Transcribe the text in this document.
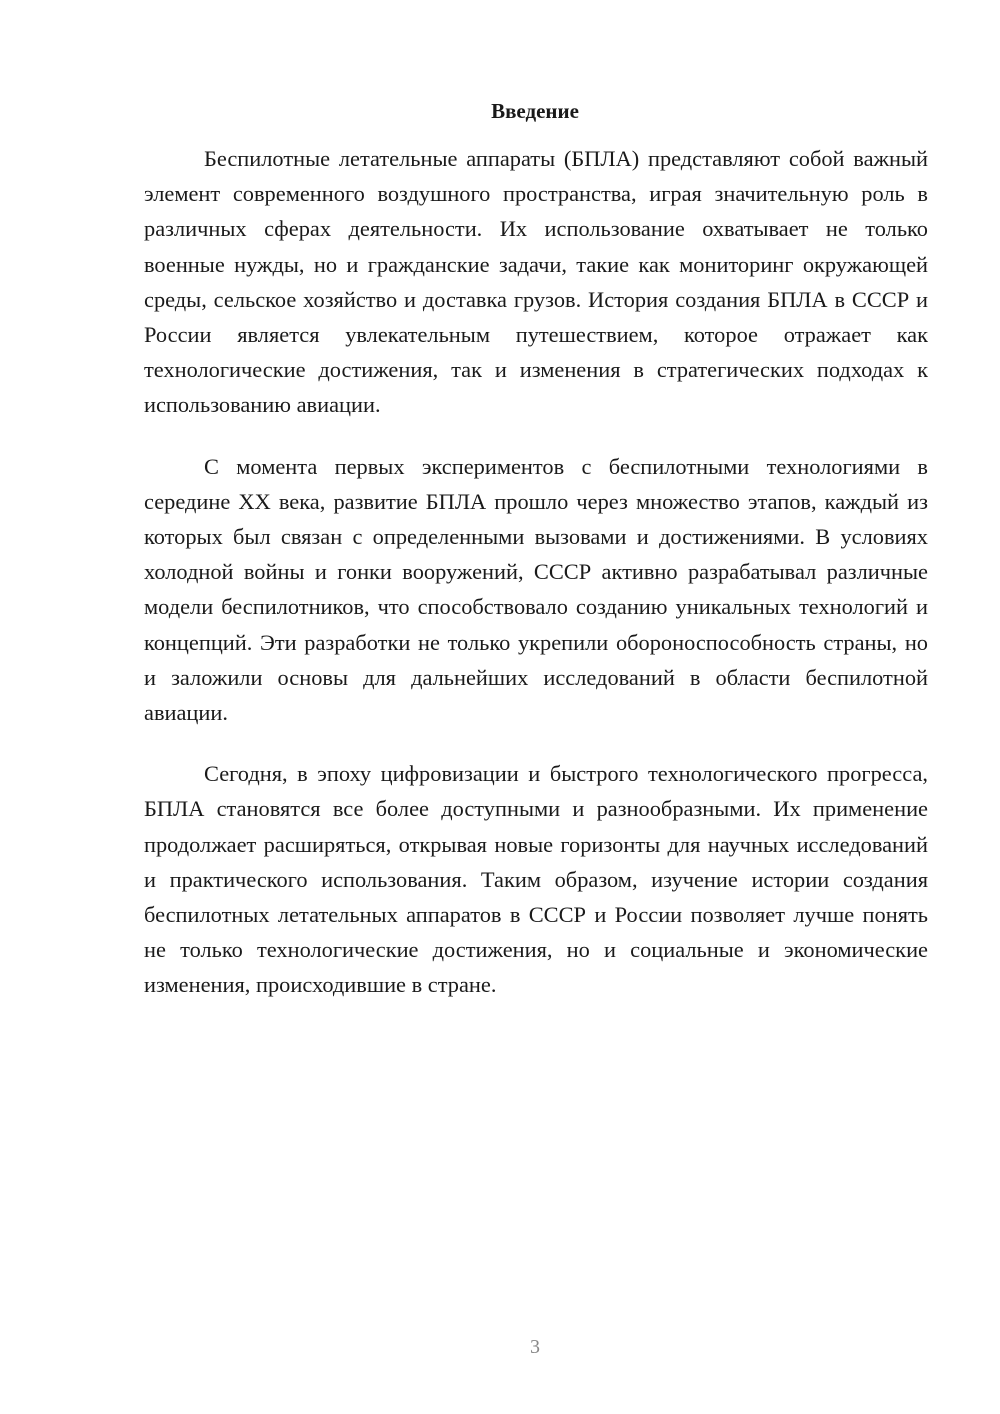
Введение

Беспилотные летательные аппараты (БПЛА) представляют собой важный элемент современного воздушного пространства, играя значительную роль в различных сферах деятельности. Их использование охватывает не только военные нужды, но и гражданские задачи, такие как мониторинг окружающей среды, сельское хозяйство и доставка грузов. История создания БПЛА в СССР и России является увлекательным путешествием, которое отражает как технологические достижения, так и изменения в стратегических подходах к использованию авиации.

С момента первых экспериментов с беспилотными технологиями в середине XX века, развитие БПЛА прошло через множество этапов, каждый из которых был связан с определенными вызовами и достижениями. В условиях холодной войны и гонки вооружений, СССР активно разрабатывал различные модели беспилотников, что способствовало созданию уникальных технологий и концепций. Эти разработки не только укрепили обороноспособность страны, но и заложили основы для дальнейших исследований в области беспилотной авиации.

Сегодня, в эпоху цифровизации и быстрого технологического прогресса, БПЛА становятся все более доступными и разнообразными. Их применение продолжает расширяться, открывая новые горизонты для научных исследований и практического использования. Таким образом, изучение истории создания беспилотных летательных аппаратов в СССР и России позволяет лучше понять не только технологические достижения, но и социальные и экономические изменения, происходившие в стране.

3
